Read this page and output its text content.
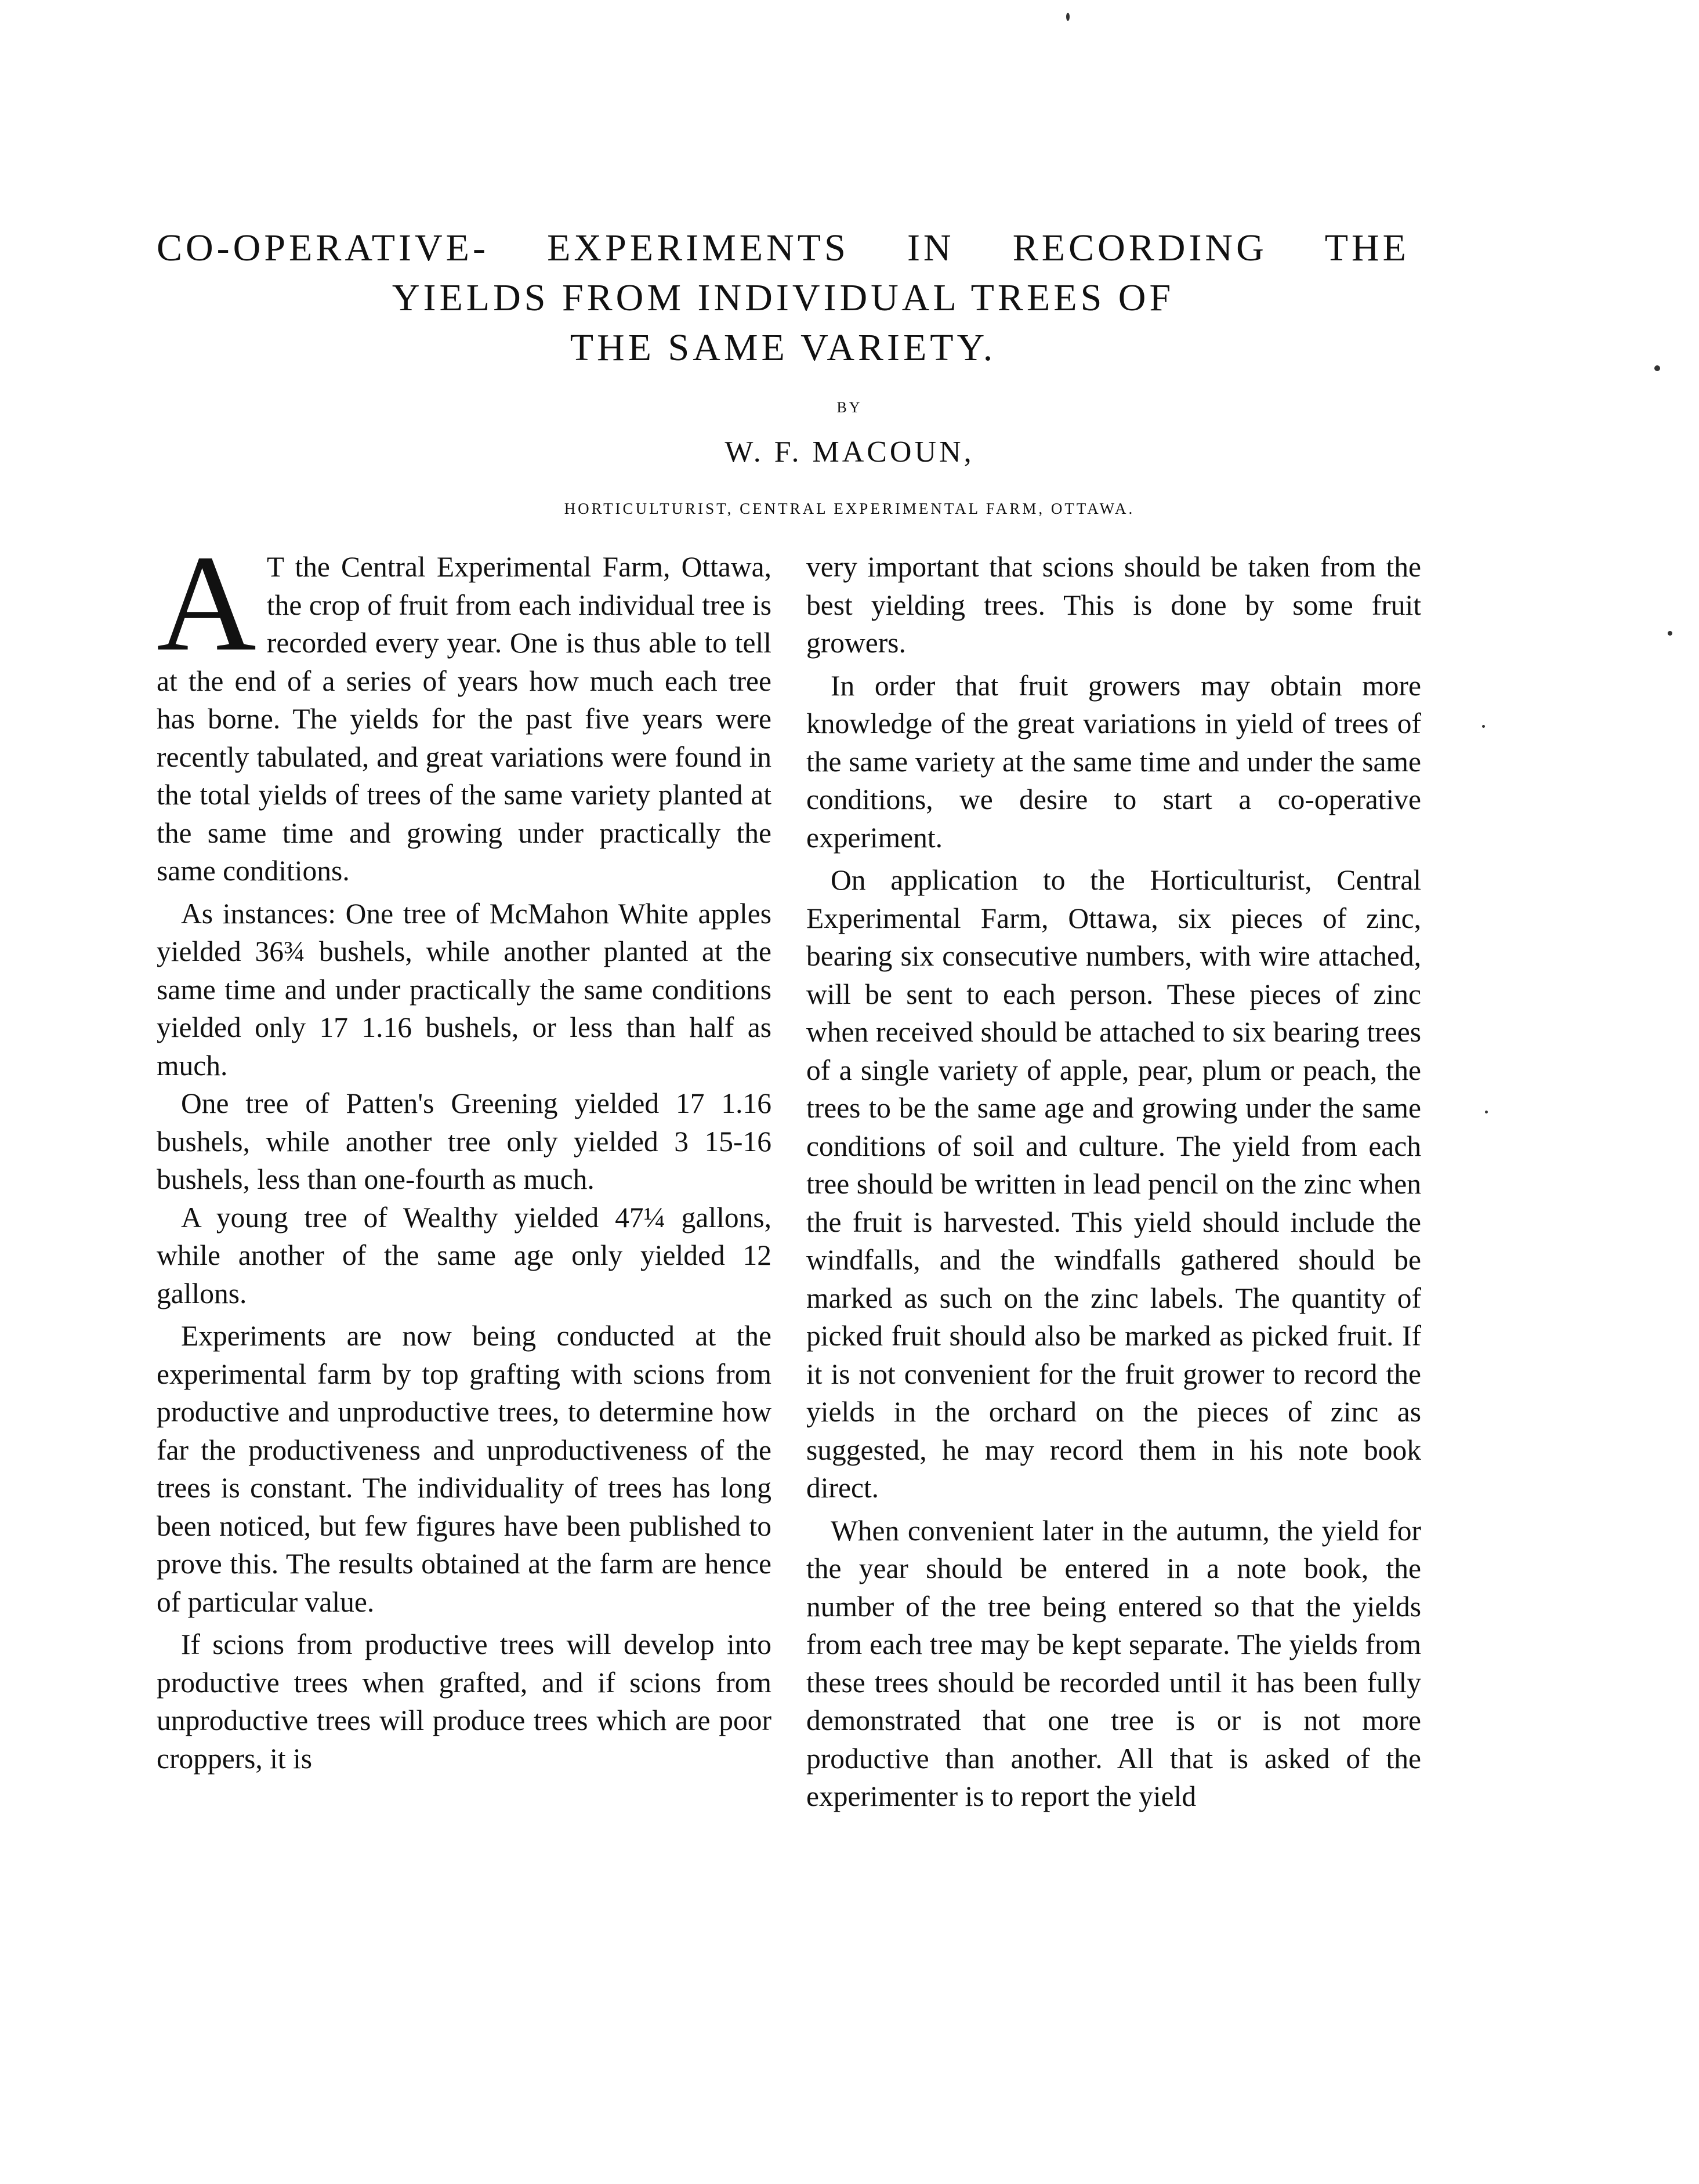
CO-OPERATIVE- EXPERIMENTS IN RECORDING THE
YIELDS FROM INDIVIDUAL TREES OF
THE SAME VARIETY.
BY
W. F. MACOUN,
HORTICULTURIST, CENTRAL EXPERIMENTAL FARM, OTTAWA.

A T the Central Experimental Farm, Ottawa, the crop of fruit from each individual tree is recorded every year. One is thus able to tell at the end of a series of years how much each tree has borne. The yields for the past five years were recently tabulated, and great variations were found in the total yields of trees of the same variety planted at the same time and growing under practically the same conditions.

As instances: One tree of McMahon White apples yielded 36¾ bushels, while another planted at the same time and under practically the same conditions yielded only 17 1.16 bushels, or less than half as much.

One tree of Patten's Greening yielded 17 1.16 bushels, while another tree only yielded 3 15-16 bushels, less than one-fourth as much.

A young tree of Wealthy yielded 47¼ gallons, while another of the same age only yielded 12 gallons.

Experiments are now being conducted at the experimental farm by top grafting with scions from productive and unproductive trees, to determine how far the productiveness and unproductiveness of the trees is constant. The individuality of trees has long been noticed, but few figures have been published to prove this. The results obtained at the farm are hence of particular value.

If scions from productive trees will develop into productive trees when grafted, and if scions from unproductive trees will produce trees which are poor croppers, it is

very important that scions should be taken from the best yielding trees. This is done by some fruit growers.

In order that fruit growers may obtain more knowledge of the great variations in yield of trees of the same variety at the same time and under the same conditions, we desire to start a co-operative experiment.

On application to the Horticulturist, Central Experimental Farm, Ottawa, six pieces of zinc, bearing six consecutive numbers, with wire attached, will be sent to each person. These pieces of zinc when received should be attached to six bearing trees of a single variety of apple, pear, plum or peach, the trees to be the same age and growing under the same conditions of soil and culture. The yield from each tree should be written in lead pencil on the zinc when the fruit is harvested. This yield should include the windfalls, and the windfalls gathered should be marked as such on the zinc labels. The quantity of picked fruit should also be marked as picked fruit. If it is not convenient for the fruit grower to record the yields in the orchard on the pieces of zinc as suggested, he may record them in his note book direct.

When convenient later in the autumn, the yield for the year should be entered in a note book, the number of the tree being entered so that the yields from each tree may be kept separate. The yields from these trees should be recorded until it has been fully demonstrated that one tree is or is not more productive than another. All that is asked of the experimenter is to report the yield
